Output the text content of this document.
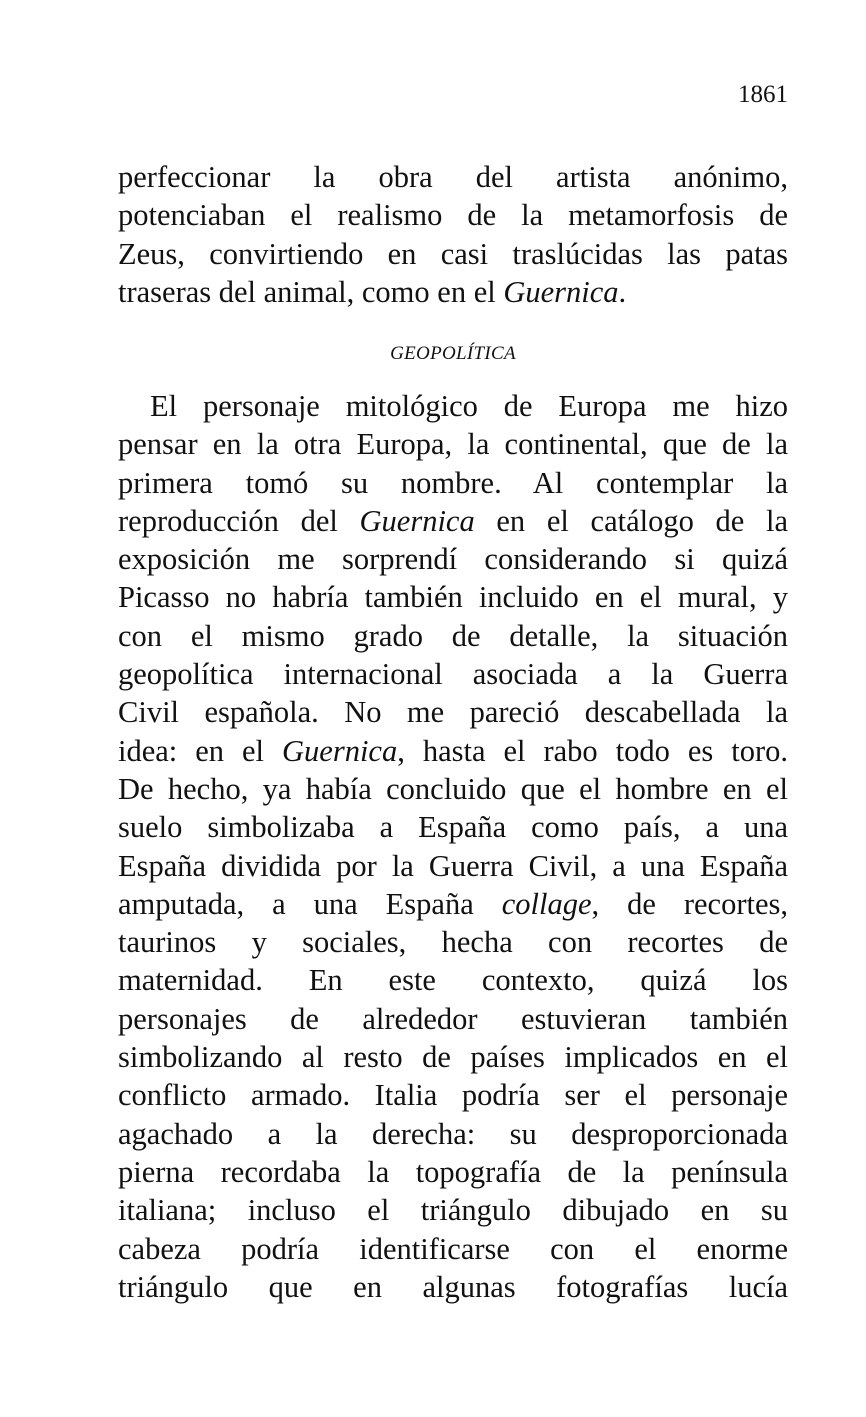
1861
perfeccionar la obra del artista anónimo,
potenciaban el realismo de la metamorfosis de
Zeus, convirtiendo en casi traslúcidas las patas
traseras del animal, como en el Guernica.
GEOPOLÍTICA
El personaje mitológico de Europa me hizo
pensar en la otra Europa, la continental, que de la
primera tomó su nombre. Al contemplar la
reproducción del Guernica en el catálogo de la
exposición me sorprendí considerando si quizá
Picasso no habría también incluido en el mural, y
con el mismo grado de detalle, la situación
geopolítica internacional asociada a la Guerra
Civil española. No me pareció descabellada la
idea: en el Guernica, hasta el rabo todo es toro.
De hecho, ya había concluido que el hombre en el
suelo simbolizaba a España como país, a una
España dividida por la Guerra Civil, a una España
amputada, a una España collage, de recortes,
taurinos y sociales, hecha con recortes de
maternidad. En este contexto, quizá los
personajes de alrededor estuvieran también
simbolizando al resto de países implicados en el
conflicto armado. Italia podría ser el personaje
agachado a la derecha: su desproporcionada
pierna recordaba la topografía de la península
italiana; incluso el triángulo dibujado en su
cabeza podría identificarse con el enorme
triángulo que en algunas fotografías lucía
